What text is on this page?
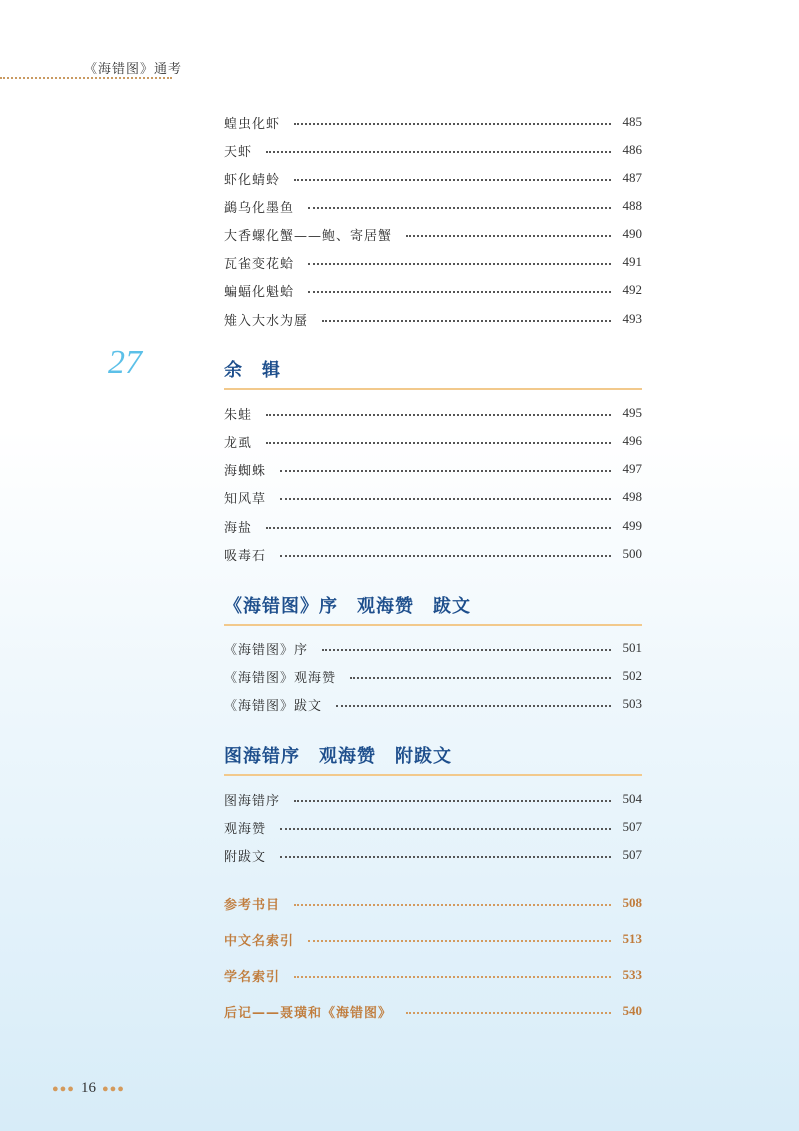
《海错图》通考
蝗虫化虾	485
天虾	486
虾化蜻蛉	487
鷁乌化墨鱼	488
大香螺化蟹——鲍、寄居蟹	490
瓦雀变花蛤	491
蝙蝠化魁蛤	492
雉入大水为蜃	493
27	余　辑
朱蛙	495
龙虱	496
海蜘蛛	497
知风草	498
海盐	499
吸毒石	500
《海错图》序　观海赞　跋文
《海错图》序	501
《海错图》观海赞	502
《海错图》跋文	503
图海错序　观海赞　附跋文
图海错序	504
观海赞	507
附跋文	507
参考书目	508
中文名索引	513
学名索引	533
后记——聂璜和《海错图》	540
●●● 16 ●●●
